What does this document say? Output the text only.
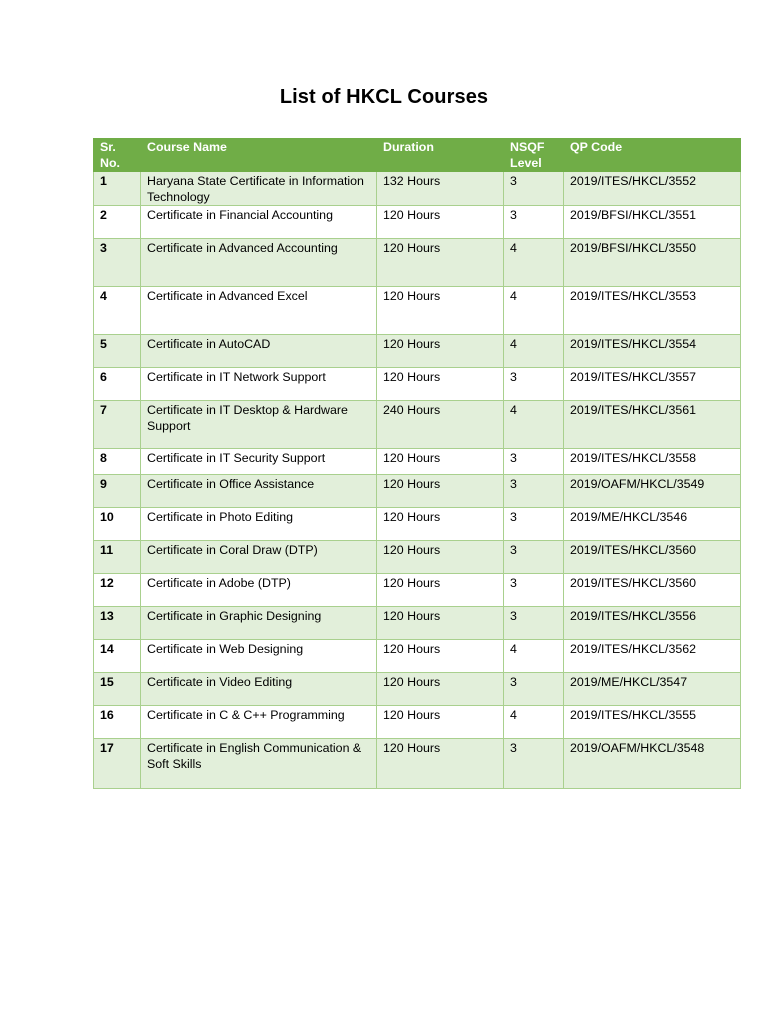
List of HKCL Courses
Sr. No.	Course Name	Duration	NSQF Level	QP Code
1	Haryana State Certificate in Information Technology	132 Hours	3	2019/ITES/HKCL/3552
2	Certificate in Financial Accounting	120 Hours	3	2019/BFSI/HKCL/3551
3	Certificate in Advanced Accounting	120 Hours	4	2019/BFSI/HKCL/3550
4	Certificate in Advanced Excel	120 Hours	4	2019/ITES/HKCL/3553
5	Certificate in AutoCAD	120 Hours	4	2019/ITES/HKCL/3554
6	Certificate in IT Network Support	120 Hours	3	2019/ITES/HKCL/3557
7	Certificate in IT Desktop & Hardware Support	240 Hours	4	2019/ITES/HKCL/3561
8	Certificate in IT Security Support	120 Hours	3	2019/ITES/HKCL/3558
9	Certificate in Office Assistance	120 Hours	3	2019/OAFM/HKCL/3549
10	Certificate in Photo Editing	120 Hours	3	2019/ME/HKCL/3546
11	Certificate in Coral Draw (DTP)	120 Hours	3	2019/ITES/HKCL/3560
12	Certificate in Adobe (DTP)	120 Hours	3	2019/ITES/HKCL/3560
13	Certificate in Graphic Designing	120 Hours	3	2019/ITES/HKCL/3556
14	Certificate in Web Designing	120 Hours	4	2019/ITES/HKCL/3562
15	Certificate in Video Editing	120 Hours	3	2019/ME/HKCL/3547
16	Certificate in C & C++ Programming	120 Hours	4	2019/ITES/HKCL/3555
17	Certificate in English Communication & Soft Skills	120 Hours	3	2019/OAFM/HKCL/3548
